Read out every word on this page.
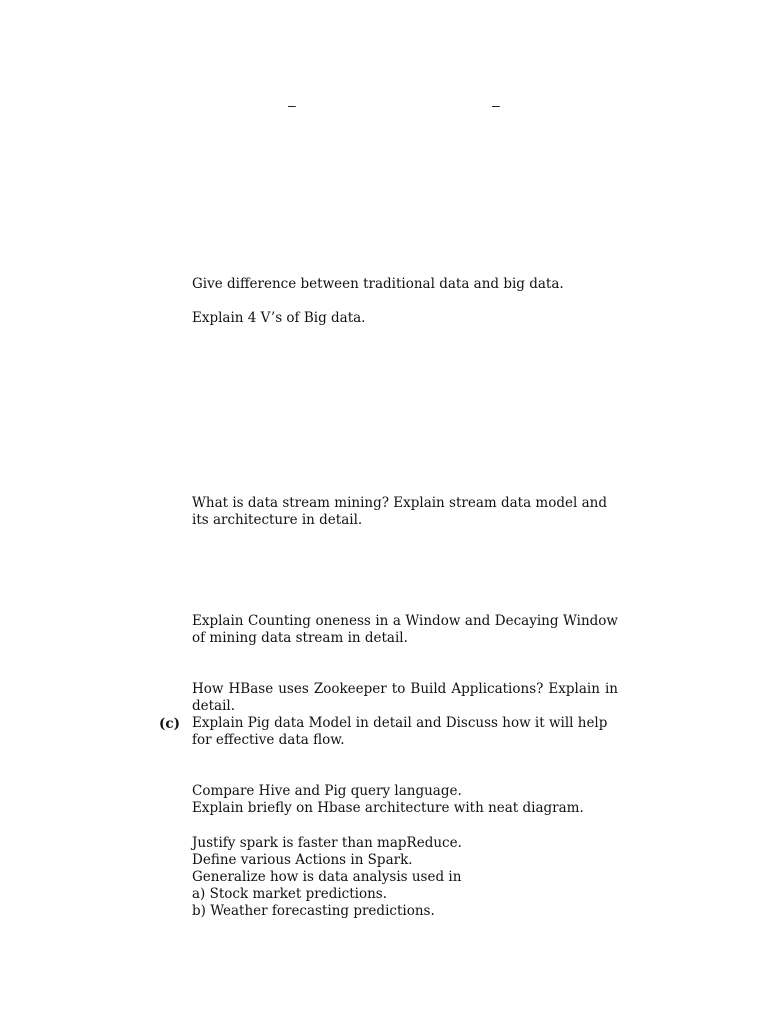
–	–
Give difference between traditional data and big data.
Explain 4 V’s of Big data.
What is data stream mining? Explain stream data model and its architecture in detail.
Explain Counting oneness in a Window and Decaying Window of mining data stream in detail.
How HBase uses Zookeeper to Build Applications? Explain in detail.
(c) Explain Pig data Model in detail and Discuss how it will help for effective data flow.
Compare Hive and Pig query language.
Explain briefly on Hbase architecture with neat diagram.
Justify spark is faster than mapReduce.
Define various Actions in Spark.
Generalize how is data analysis used in
a) Stock market predictions.
b) Weather forecasting predictions.
